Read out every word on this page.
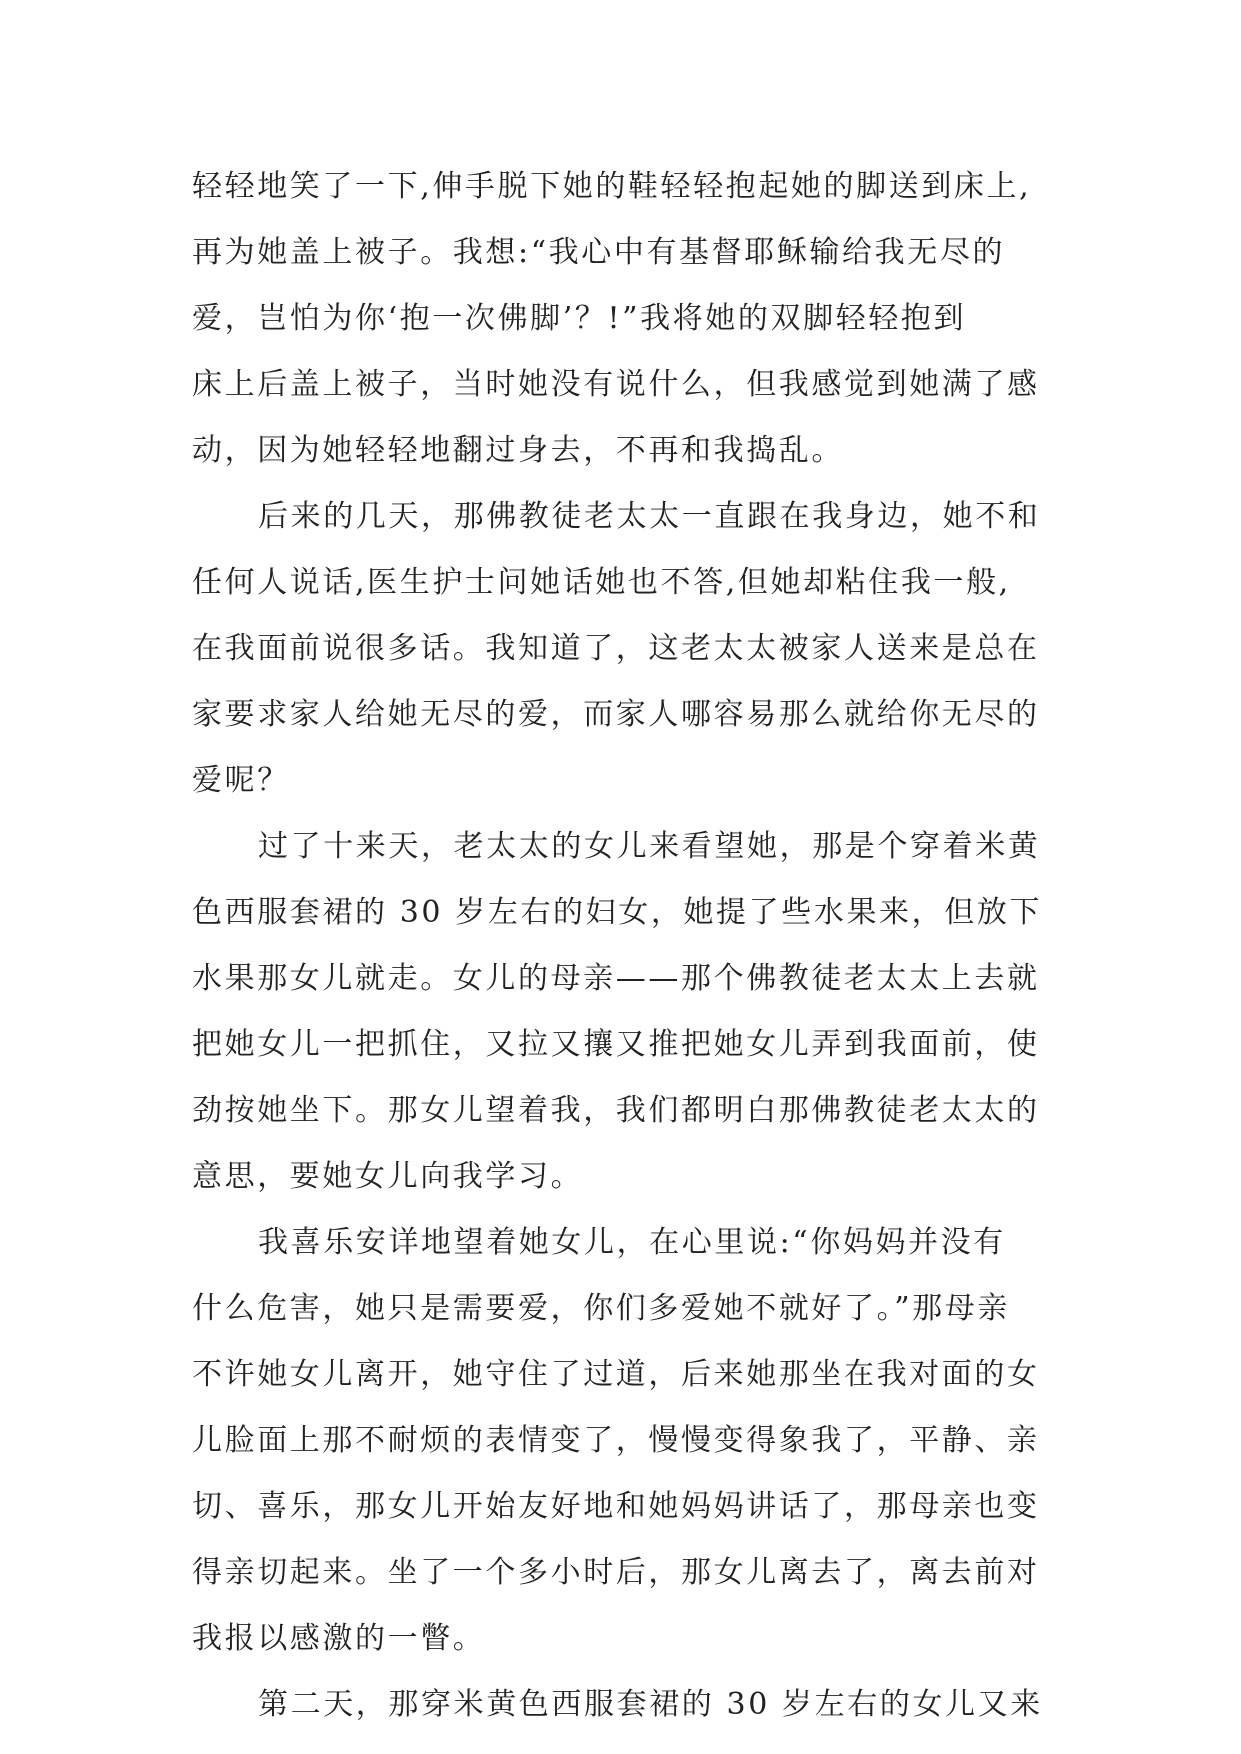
轻轻地笑了一下,伸手脱下她的鞋轻轻抱起她的脚送到床上,
再为她盖上被子。我想:“我心中有基督耶稣输给我无尽的
爱，岂怕为你‘抱一次佛脚’？!”我将她的双脚轻轻抱到
床上后盖上被子，当时她没有说什么，但我感觉到她满了感
动，因为她轻轻地翻过身去，不再和我捣乱。
后来的几天，那佛教徒老太太一直跟在我身边，她不和
任何人说话,医生护士问她话她也不答,但她却粘住我一般,
在我面前说很多话。我知道了，这老太太被家人送来是总在
家要求家人给她无尽的爱，而家人哪容易那么就给你无尽的
爱呢？
过了十来天，老太太的女儿来看望她，那是个穿着米黄
色西服套裙的 30 岁左右的妇女，她提了些水果来，但放下
水果那女儿就走。女儿的母亲——那个佛教徒老太太上去就
把她女儿一把抓住，又拉又攘又推把她女儿弄到我面前，使
劲按她坐下。那女儿望着我，我们都明白那佛教徒老太太的
意思，要她女儿向我学习。
我喜乐安详地望着她女儿，在心里说:“你妈妈并没有
什么危害，她只是需要爱，你们多爱她不就好了。”那母亲
不许她女儿离开，她守住了过道，后来她那坐在我对面的女
儿脸面上那不耐烦的表情变了，慢慢变得象我了，平静、亲
切、喜乐，那女儿开始友好地和她妈妈讲话了，那母亲也变
得亲切起来。坐了一个多小时后，那女儿离去了，离去前对
我报以感激的一瞥。
第二天，那穿米黄色西服套裙的 30 岁左右的女儿又来
